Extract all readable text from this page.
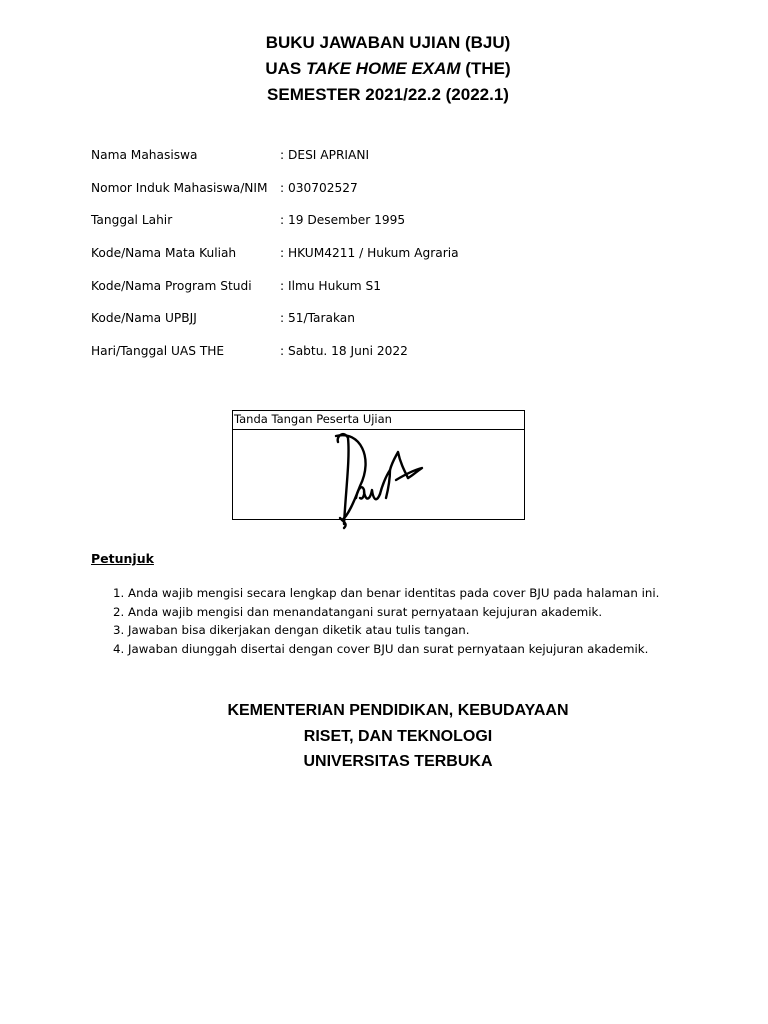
BUKU JAWABAN UJIAN (BJU)
UAS TAKE HOME EXAM (THE)
SEMESTER 2021/22.2 (2022.1)
Nama Mahasiswa	: DESI APRIANI
Nomor Induk Mahasiswa/NIM : 030702527
Tanggal Lahir	: 19 Desember 1995
Kode/Nama Mata Kuliah	: HKUM4211 / Hukum Agraria
Kode/Nama Program Studi : Ilmu Hukum S1
Kode/Nama UPBJJ	: 51/Tarakan
Hari/Tanggal UAS THE	: Sabtu. 18 Juni 2022
Tanda Tangan Peserta Ujian
Petunjuk
1. Anda wajib mengisi secara lengkap dan benar identitas pada cover BJU pada halaman ini.
2. Anda wajib mengisi dan menandatangani surat pernyataan kejujuran akademik.
3. Jawaban bisa dikerjakan dengan diketik atau tulis tangan.
4. Jawaban diunggah disertai dengan cover BJU dan surat pernyataan kejujuran akademik.
KEMENTERIAN PENDIDIKAN, KEBUDAYAAN
RISET, DAN TEKNOLOGI
UNIVERSITAS TERBUKA
